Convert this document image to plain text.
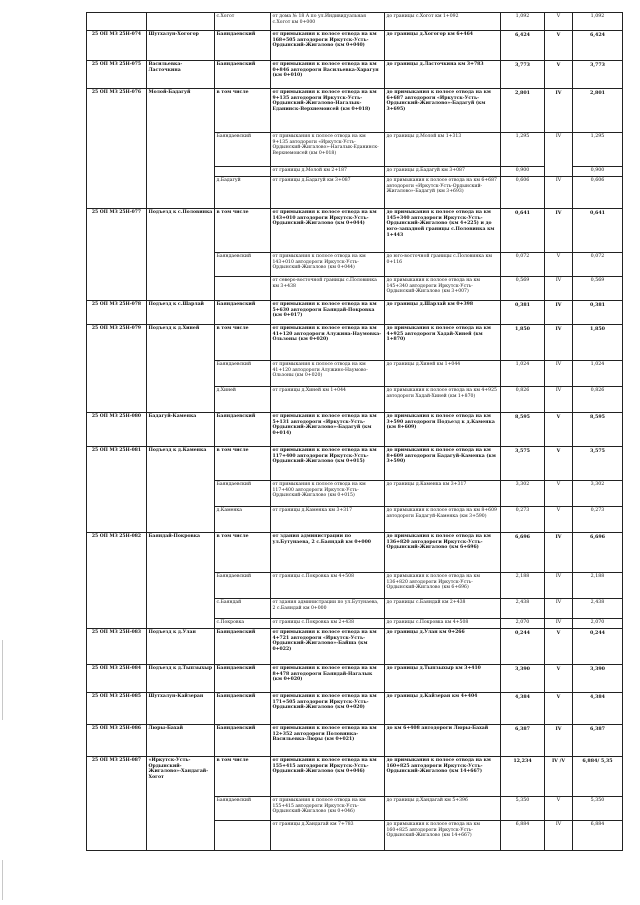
		с.Хогот	от дома № 18 А по ул.Индивидуальная с.Хогот км 0+000	до границы с.Хогот км 1+092	1,092	V	1,092
25 ОП МЗ 25Н-074	Шутхалун-Хогогор	Баяндаевский	от примыкания к полосе отвода на км 168+505 автодороги Иркутск-Усть-Ордынский-Жигалово (км 0+040)	до границы д.Хогогор км 6+464	6,424	V	6,424
25 ОП МЗ 25Н-075	Васильевка-Ласточкина	Баяндаевский	от примыкания к полосе отвода на км 0+846 автодороги Васильевка-Харагун (км 0+010)	до границы д.Ласточкина км 3+783	3,773	V	3,773
25 ОП МЗ 25Н-076	Молой-Бадагуй	в том числе	от примыкания к полосе отвода на км 9+135 автодороги Иркутск-Усть-Ордынский-Жигалово-Нагалык-Еданинск-Верхнемоисей (км 0+018)	до примыкания к полосе отвода на км 6+687 автодороги «Иркутск-Усть-Ордынский-Жигалово»-Бадагуй (км 3+695)	2,801	IV	2,801
		Баяндаевский	от примыкания к полосе отвода на км 9+135 автодороги «Иркутск-Усть-Ордынский-Жигалово»-Нагалык-Еданинск-Верхнемоисей (км 0+018)	до границы д.Молой км 1+313	1,295	IV	1,295
			от границы д.Молой км 2+187	до границы д.Бадагуй км 3+087	0,900		0,900
		д.Бадагуй	от границы д.Бадагуй км 3+087	до примыкания к полосе отвода на км 6+687 автодороги «Иркутск-Усть-Ордынский-Жигалово»-Бадагуй (км 3+693)	0,606	IV	0,606
25 ОП МЗ 25Н-077	Подъезд к с.Половинка	в том числе	от примыкания к полосе отвода на км 143+010 автодороги Иркутск-Усть-Ордынский-Жигалово (км 0+044)	до примыкания к полосе отвода на км 145+340 автодороги Иркутск-Усть-Ордынский-Жигалово (км 4+225) и до юго-западной границы с.Половинка км 1+443	0,641	IV	0,641
		Баяндаевский	от примыкания к полосе отвода на км 143+010 автодороги Иркутск-Усть-Ордынский-Жигалово (км 0+044)	до юго-восточной границы с.Половинка км 0+116	0,072	V	0,072
			от северо-восточной границы с.Половинка км 3+438	до примыкания к полосе отвода на км 145+340 автодороги Иркутск-Усть-Ордынский-Жигалово (км 3+007)	0,569	IV	0,569
25 ОП МЗ 25Н-078	Подъезд к с.Шарлай	Баяндаевский	от примыкания к полосе отвода на км 5+630 автодороги Баяндай-Покровка (км 0+017)	до границы д.Шарлай км 0+398	0,381	IV	0,381
25 ОП МЗ 25Н-079	Подъезд к д.Хиней	в том числе	от примыкания к полосе отвода на км 41+120 автодороги Алужина-Наумовка-Ользоны (км 0+020)	до примыкания к полосе отвода на км 4+925 автодороги Хадай-Хиней (км 1+870)	1,850	IV	1,850
		Баяндаевский	от примыкания к полосе отвода на км 41+120 автодороги Алужино-Наумово-Ользоны (км 0+020)	до границы д.Хиней км 1+044	1,024	IV	1,024
		д.Хиней	от границы д.Хиней км 1+044	до примыкания к полосе отвода на км 4+925 автодороги Хадай-Хиней (км 1+870)	0,826	IV	0,826
25 ОП МЗ 25Н-080	Бадагуй-Каменка	Баяндаевский	от примыкания к полосе отвода на км 5+131 автодороги «Иркутск-Усть-Ордынский-Жигалово»-Бадагуй (км 0+014)	до примыкания к полосе отвода на км 3+590 автодороги Подъезд к д.Каменка (км 8+609)	8,595	V	8,595
25 ОП МЗ 25Н-081	Подъезд к д.Каменка	в том числе	от примыкания к полосе отвода на км 117+400 автодороги Иркутск-Усть-Ордынский-Жигалово (км 0+015)	до примыкания к полосе отвода на км 8+609 автодороги Бадагуй-Каменка (км 3+590)	3,575	V	3,575
		Баяндаевский	от примыкания к полосе отвода на км 117+400 автодороги Иркутск-Усть-Ордынский-Жигалово (км 0+015)	до границы д.Каменка км 3+317	3,302	V	3,302
		д.Каменка	от границы д.Каменка км 3+317	до примыкания к полосе отвода на км 8+609 автодороги Бадагуй-Каменка (км 3+590)	0,273	V	0,273
25 ОП МЗ 25Н-082	Баяндай-Покровка	в том числе	от здания администрации по ул.Бутунаева, 2 с.Баяндай км 0+000	до примыкания к полосе отвода на км 136+820 автодороги Иркутск-Усть-Ордынский-Жигалово (км 6+696)	6,696	IV	6,696
		Баяндаевский	от границы с.Покровка км 4+508	до примыкания к полосе отвода на км 136+820 автодороги Иркутск-Усть-Ордынский-Жигалово (км 6+696)	2,188	IV	2,188
		с.Баяндай	от здания администрации по ул.Бутунаева, 2 с.Баяндай км 0+000	до границы с.Баяндай км 2+438	2,438	IV	2,438
		с.Покровка	от границы с.Покровка км 2+438	до границы с.Покровка км 4+508	2,070	IV	2,070
25 ОП МЗ 25Н-083	Подъезд к д.Улан	Баяндаевский	от примыкания к полосе отвода на км 4+721 автодороги «Иркутск-Усть-Ордынский-Жигалово»-Байша (км 0+022)	до границы д.Улан км 0+266	0,244	V	0,244
25 ОП МЗ 25Н-084	Подъезд к д.Тыпзыхыр	Баяндаевский	от примыкания к полосе отвода на км 8+478 автодороги Баяндай-Нагалык (км 0+020)	до границы д.Тыпзыхыр км 3+410	3,390	V	3,390
25 ОП МЗ 25Н-085	Шутхалун-Кайзеран	Баяндаевский	от примыкания к полосе отвода на км 171+505 автодороги Иркутск-Усть-Ордынский-Жигалово (км 0+020)	до границы д.Кайзеран км 4+404	4,384	V	4,384
25 ОП МЗ 25Н-086	Люры-Бахай	Баяндаевский	от примыкания к полосе отвода на км 12+352 автодороги Половинка-Васильевка-Люры (км 0+021)	до км 6+408 автодороги Люры-Бахай	6,387	IV	6,387
25 ОП МЗ 25Н-087	«Иркутск-Усть-Ордынский-Жигалово»-Хандагай-Хогот	в том числе	от примыкания к полосе отвода на км 155+415 автодороги Иркутск-Усть-Ордынский-Жигалово (км 0+046)	до примыкания к полосе отвода на км 160+825 автодороги Иркутск-Усть-Ордынский-Жигалово (км 14+667)	12,234	IV /V	6,884/ 5,35
		Баяндаевский	от примыкания к полосе отвода на км 155+415 автодороги Иркутск-Усть-Ордынский-Жигалово (км 0+046)	до границы д.Хандагай км 5+396	5,350	V	5,350
			от границы д.Хандагай км 7+783	до примыкания к полосе отвода на км 160+825 автодороги Иркутск-Усть-Ордынский-Жигалово (км 14+667)	6,884	IV	6,884
